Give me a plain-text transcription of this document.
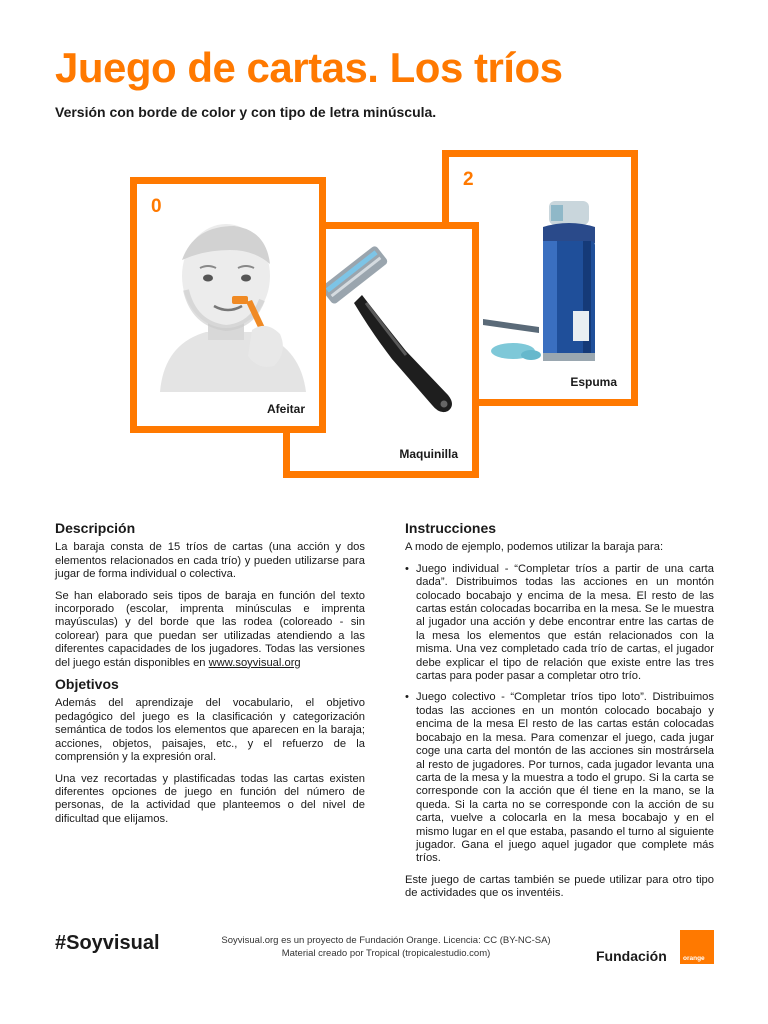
Juego de cartas. Los tríos

Versión con borde de color y con tipo de letra minúscula.

2
Espuma
Maquinilla
0
Afeitar
Descripción

La baraja consta de 15 tríos de cartas (una acción y dos elementos relacionados en cada trío) y pueden utilizarse para jugar de forma individual o colectiva.

Se han elaborado seis tipos de baraja en función del texto incorporado (escolar, imprenta minúsculas e imprenta mayúsculas) y del borde que las rodea (coloreado - sin colorear) para que puedan ser utilizadas atendiendo a las diferentes capacidades de los jugadores. Todas las versiones del juego están disponibles en www.soyvisual.org

Objetivos

Además del aprendizaje del vocabulario, el objetivo pedagógico del juego es la clasificación y categorización semántica de todos los elementos que aparecen en la baraja; acciones, objetos, paisajes, etc., y el refuerzo de la comprensión y la expresión oral.

Una vez recortadas y plastificadas todas las cartas existen diferentes opciones de juego en función del número de personas, de la actividad que planteemos o del nivel de dificultad que elijamos.

Instrucciones

A modo de ejemplo, podemos utilizar la baraja para:

• Juego individual - “Completar tríos a partir de una carta dada”. Distribuimos todas las acciones en un montón colocado bocabajo y encima de la mesa. El resto de las cartas están colocadas bocarriba en la mesa. Se le muestra al jugador una acción y debe encontrar entre las cartas de la mesa los elementos que están relacionados con la misma. Una vez completado cada trío de cartas, el jugador debe explicar el tipo de relación que existe entre las tres cartas para poder pasar a completar otro trío.
• Juego colectivo - “Completar tríos tipo loto”. Distribuimos todas las acciones en un montón colocado bocabajo y encima de la mesa El resto de las cartas están colocadas bocabajo en la mesa. Para comenzar el juego, cada jugar coge una carta del montón de las acciones sin mostrársela al resto de jugadores. Por turnos, cada jugador levanta una carta de la mesa y la muestra a todo el grupo. Si la carta se corresponde con la acción que él tiene en la mano, se la queda. Si la carta no se corresponde con la acción de su carta, vuelve a colocarla en la mesa bocabajo y en el mismo lugar en el que estaba, pasando el turno al siguiente jugador. Gana el juego aquel jugador que complete más tríos.

Este juego de cartas también se puede utilizar para otro tipo de actividades que os inventéis.

#Soyvisual	Soyvisual.org es un proyecto de Fundación Orange. Licencia: CC (BY-NC-SA)
Material creado por Tropical (tropicalestudio.com)	Fundación orange
